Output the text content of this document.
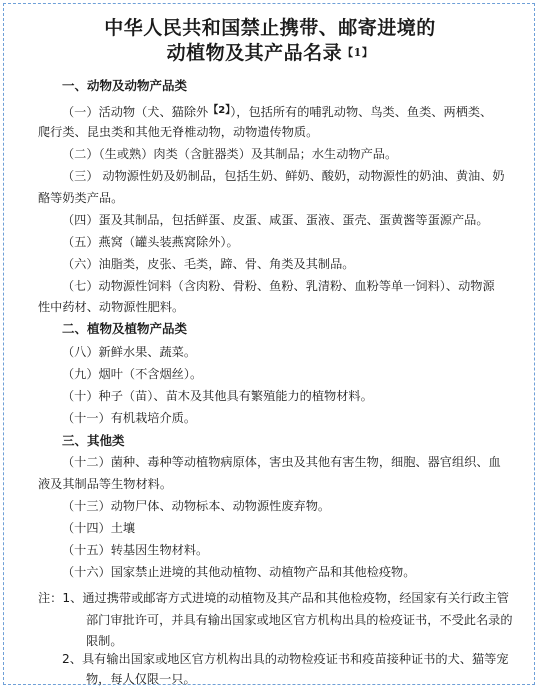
中华人民共和国禁止携带、邮寄进境的
动植物及其产品名录【1】
一、动物及动物产品类
（一）活动物（犬、猫除外$^{【2】}$），包括所有的哺乳动物、鸟类、鱼类、两栖类、
爬行类、昆虫类和其他无脊椎动物，动物遗传物质。
（二）（生或熟）肉类（含脏器类）及其制品；水生动物产品。
（三） 动物源性奶及奶制品，包括生奶、鲜奶、酸奶，动物源性的奶油、黄油、奶
酪等奶类产品。
（四）蛋及其制品，包括鲜蛋、皮蛋、咸蛋、蛋液、蛋壳、蛋黄酱等蛋源产品。
（五）燕窝（罐头装燕窝除外）。
（六）油脂类，皮张、毛类，蹄、骨、角类及其制品。
（七）动物源性饲料（含肉粉、骨粉、鱼粉、乳清粉、血粉等单一饲料）、动物源
性中药材、动物源性肥料。
二、植物及植物产品类
（八）新鲜水果、蔬菜。
（九）烟叶（不含烟丝）。
（十）种子（苗）、苗木及其他具有繁殖能力的植物材料。
（十一）有机栽培介质。
三、其他类
（十二）菌种、毒种等动植物病原体，害虫及其他有害生物，细胞、器官组织、血
液及其制品等生物材料。
（十三）动物尸体、动物标本、动物源性废弃物。
（十四）土壤
（十五）转基因生物材料。
（十六）国家禁止进境的其他动植物、动植物产品和其他检疫物。
注：1、通过携带或邮寄方式进境的动植物及其产品和其他检疫物，经国家有关行政主管
部门审批许可，并具有输出国家或地区官方机构出具的检疫证书，不受此名录的
限制。
2、具有输出国家或地区官方机构出具的动物检疫证书和疫苗接种证书的犬、猫等宠
物，每人仅限一只。
